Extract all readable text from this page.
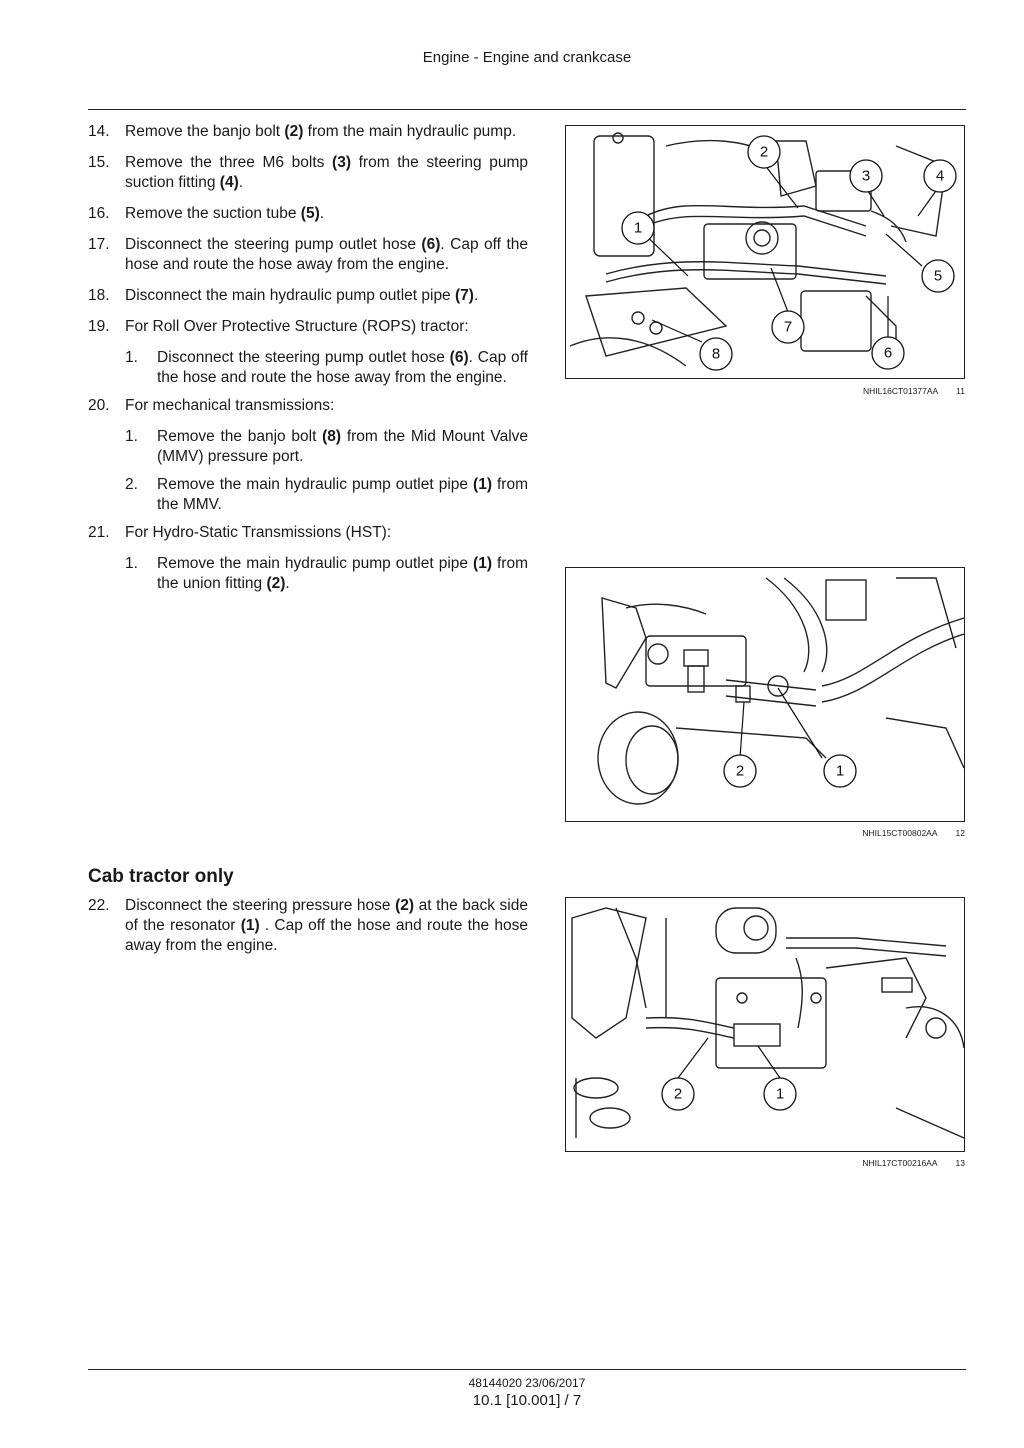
Engine - Engine and crankcase
14. Remove the banjo bolt (2) from the main hydraulic pump.
15. Remove the three M6 bolts (3) from the steering pump suction fitting (4).
16. Remove the suction tube (5).
17. Disconnect the steering pump outlet hose (6). Cap off the hose and route the hose away from the engine.
18. Disconnect the main hydraulic pump outlet pipe (7).
19. For Roll Over Protective Structure (ROPS) tractor:
1. Disconnect the steering pump outlet hose (6). Cap off the hose and route the hose away from the engine.
20. For mechanical transmissions:
1. Remove the banjo bolt (8) from the Mid Mount Valve (MMV) pressure port.
2. Remove the main hydraulic pump outlet pipe (1) from the MMV.
21. For Hydro-Static Transmissions (HST):
1. Remove the main hydraulic pump outlet pipe (1) from the union fitting (2).
Cab tractor only
22. Disconnect the steering pressure hose (2) at the back side of the resonator (1) . Cap off the hose and route the hose away from the engine.
1
2
3	4
5
6
7
8
NHIL16CT01377AA 11
2	1
NHIL15CT00802AA 12
2	1
NHIL17CT00216AA 13
48144020 23/06/2017
10.1 [10.001] / 7
